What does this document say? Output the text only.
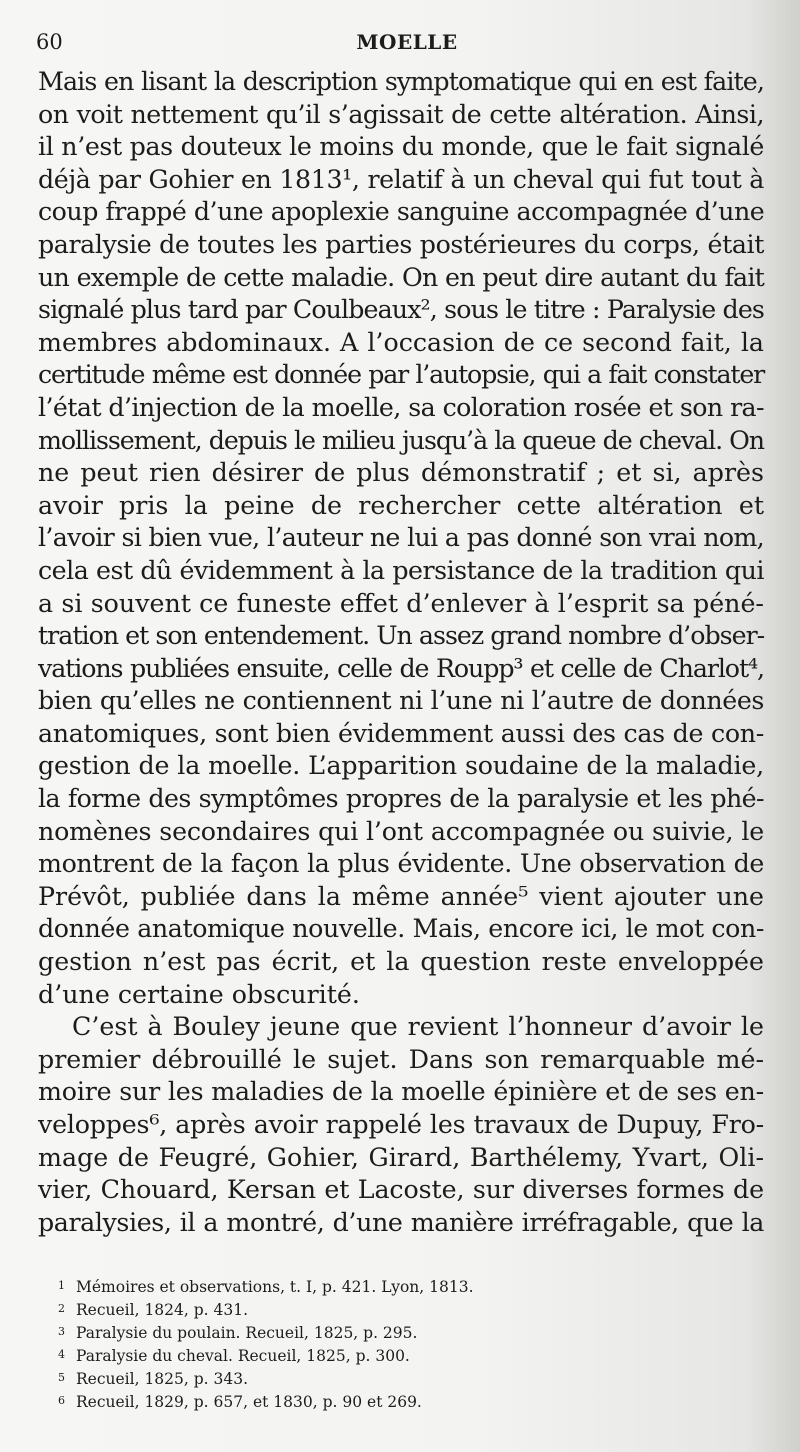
60	MOELLE
Mais en lisant la description symptomatique qui en est faite,
on voit nettement qu’il s’agissait de cette altération. Ainsi,
il n’est pas douteux le moins du monde, que le fait signalé
déjà par Gohier en 1813¹, relatif à un cheval qui fut tout à
coup frappé d’une apoplexie sanguine accompagnée d’une
paralysie de toutes les parties postérieures du corps, était
un exemple de cette maladie. On en peut dire autant du fait
signalé plus tard par Coulbeaux², sous le titre : Paralysie des
membres abdominaux. A l’occasion de ce second fait, la
certitude même est donnée par l’autopsie, qui a fait constater
l’état d’injection de la moelle, sa coloration rosée et son ra-
mollissement, depuis le milieu jusqu’à la queue de cheval. On
ne peut rien désirer de plus démonstratif ; et si, après
avoir pris la peine de rechercher cette altération et
l’avoir si bien vue, l’auteur ne lui a pas donné son vrai nom,
cela est dû évidemment à la persistance de la tradition qui
a si souvent ce funeste effet d’enlever à l’esprit sa péné-
tration et son entendement. Un assez grand nombre d’obser-
vations publiées ensuite, celle de Roupp³ et celle de Charlot⁴,
bien qu’elles ne contiennent ni l’une ni l’autre de données
anatomiques, sont bien évidemment aussi des cas de con-
gestion de la moelle. L’apparition soudaine de la maladie,
la forme des symptômes propres de la paralysie et les phé-
nomènes secondaires qui l’ont accompagnée ou suivie, le
montrent de la façon la plus évidente. Une observation de
Prévôt, publiée dans la même année⁵ vient ajouter une
donnée anatomique nouvelle. Mais, encore ici, le mot con-
gestion n’est pas écrit, et la question reste enveloppée
d’une certaine obscurité.
C’est à Bouley jeune que revient l’honneur d’avoir le
premier débrouillé le sujet. Dans son remarquable mé-
moire sur les maladies de la moelle épinière et de ses en-
veloppes⁶, après avoir rappelé les travaux de Dupuy, Fro-
mage de Feugré, Gohier, Girard, Barthélemy, Yvart, Oli-
vier, Chouard, Kersan et Lacoste, sur diverses formes de
paralysies, il a montré, d’une manière irréfragable, que la
1 Mémoires et observations, t. I, p. 421. Lyon, 1813.
2 Recueil, 1824, p. 431.
3 Paralysie du poulain. Recueil, 1825, p. 295.
4 Paralysie du cheval. Recueil, 1825, p. 300.
5 Recueil, 1825, p. 343.
6 Recueil, 1829, p. 657, et 1830, p. 90 et 269.
